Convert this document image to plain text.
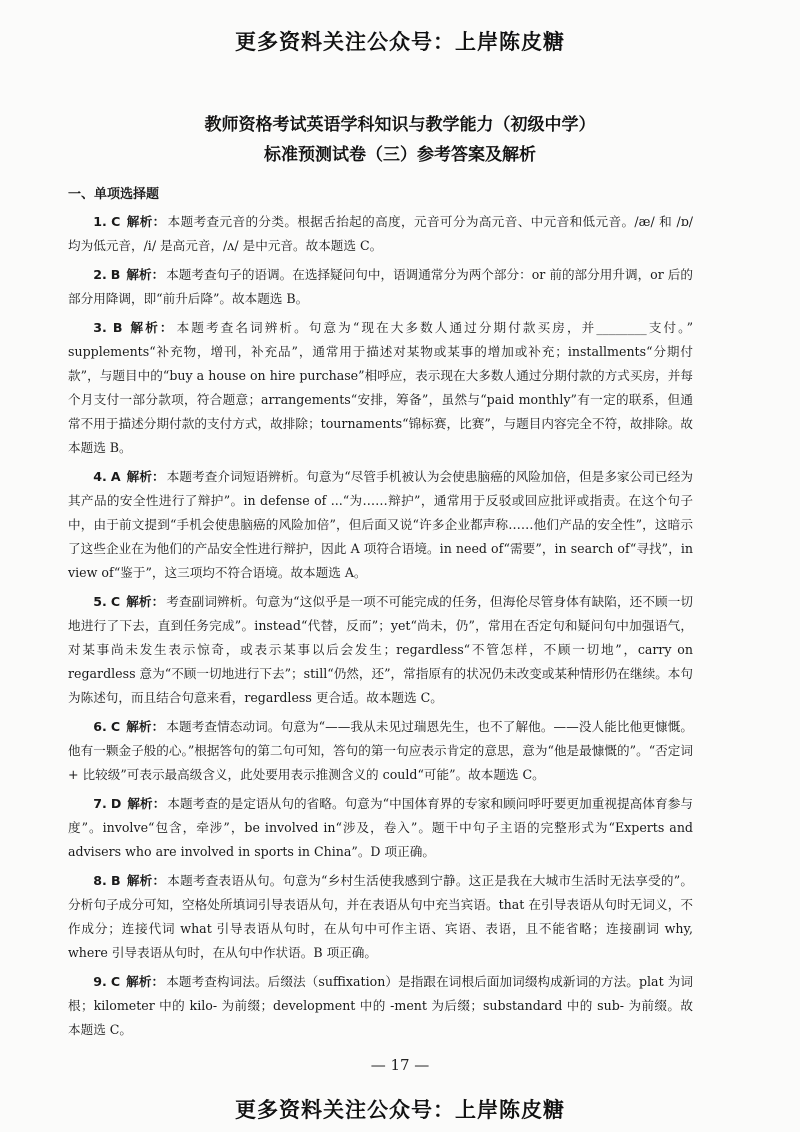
更多资料关注公众号：上岸陈皮糖
教师资格考试英语学科知识与教学能力（初级中学）
标准预测试卷（三）参考答案及解析
一、单项选择题

1. C 解析： 本题考查元音的分类。根据舌抬起的高度，元音可分为高元音、中元音和低元音。/æ/ 和 /ɒ/ 均为低元音，/i/ 是高元音，/ʌ/ 是中元音。故本题选 C。

2. B 解析： 本题考查句子的语调。在选择疑问句中，语调通常分为两个部分：or 前的部分用升调，or 后的部分用降调，即“前升后降”。故本题选 B。

3. B 解析： 本题考查名词辨析。句意为“现在大多数人通过分期付款买房，并________支付。” supplements“补充物，增刊，补充品”，通常用于描述对某物或某事的增加或补充；installments“分期付款”，与题目中的“buy a house on hire purchase”相呼应，表示现在大多数人通过分期付款的方式买房，并每个月支付一部分款项，符合题意；arrangements“安排，筹备”，虽然与“paid monthly”有一定的联系，但通常不用于描述分期付款的支付方式，故排除；tournaments“锦标赛，比赛”，与题目内容完全不符，故排除。故本题选 B。

4. A 解析： 本题考查介词短语辨析。句意为“尽管手机被认为会使患脑癌的风险加倍，但是多家公司已经为其产品的安全性进行了辩护”。in defense of ...“为……辩护”，通常用于反驳或回应批评或指责。在这个句子中，由于前文提到“手机会使患脑癌的风险加倍”，但后面又说“许多企业都声称……他们产品的安全性”，这暗示了这些企业在为他们的产品安全性进行辩护，因此 A 项符合语境。in need of“需要”，in search of“寻找”，in view of“鉴于”，这三项均不符合语境。故本题选 A。

5. C 解析： 考查副词辨析。句意为“这似乎是一项不可能完成的任务，但海伦尽管身体有缺陷，还不顾一切地进行了下去，直到任务完成”。instead“代替，反而”；yet“尚未，仍”，常用在否定句和疑问句中加强语气，对某事尚未发生表示惊奇，或表示某事以后会发生；regardless“不管怎样，不顾一切地”，carry on regardless 意为“不顾一切地进行下去”；still“仍然，还”，常指原有的状况仍未改变或某种情形仍在继续。本句为陈述句，而且结合句意来看，regardless 更合适。故本题选 C。

6. C 解析： 本题考查情态动词。句意为“——我从未见过瑞恩先生，也不了解他。——没人能比他更慷慨。他有一颗金子般的心。”根据答句的第二句可知，答句的第一句应表示肯定的意思，意为“他是最慷慨的”。“否定词 + 比较级”可表示最高级含义，此处要用表示推测含义的 could“可能”。故本题选 C。

7. D 解析： 本题考查的是定语从句的省略。句意为“中国体育界的专家和顾问呼吁要更加重视提高体育参与度”。involve“包含，牵涉”，be involved in“涉及，卷入”。题干中句子主语的完整形式为“Experts and advisers who are involved in sports in China”。D 项正确。

8. B 解析： 本题考查表语从句。句意为“乡村生活使我感到宁静。这正是我在大城市生活时无法享受的”。分析句子成分可知，空格处所填词引导表语从句，并在表语从句中充当宾语。that 在引导表语从句时无词义，不作成分；连接代词 what 引导表语从句时，在从句中可作主语、宾语、表语，且不能省略；连接副词 why, where 引导表语从句时，在从句中作状语。B 项正确。

9. C 解析： 本题考查构词法。后缀法（suffixation）是指跟在词根后面加词缀构成新词的方法。plat 为词根；kilometer 中的 kilo- 为前缀；development 中的 -ment 为后缀；substandard 中的 sub- 为前缀。故本题选 C。

— 17 —
更多资料关注公众号：上岸陈皮糖
